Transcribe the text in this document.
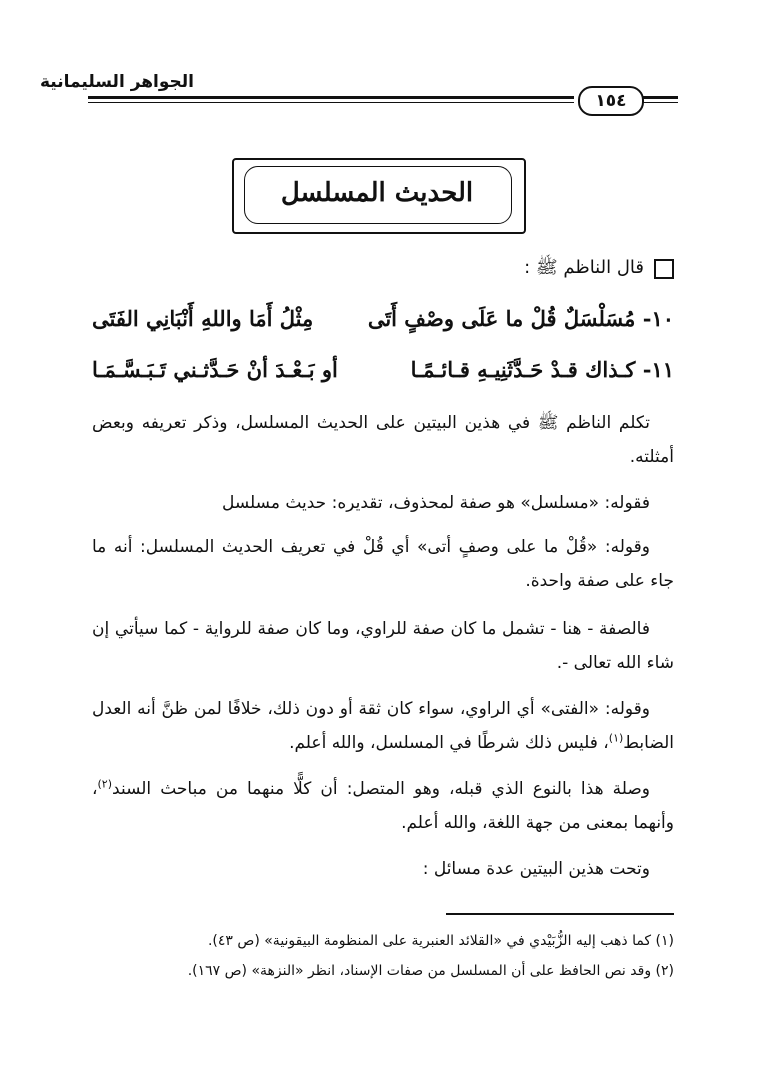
الجواهر السليمانية
١٥٤
الحديث المسلسل
قال الناظم ﷺ :
١٠- مُسَلْسَلٌ قُلْ ما عَلَى وصْفٍ أَتَى
مِثْلُ أَمَا واللهِ أَنْبَانِي الفَتَى
١١- كـذاك قـدْ حَـدَّثَنِيـهِ قـائـمًـا
أو بَـعْـدَ أنْ حَـدَّثـني تَـبَـسَّـمَـا
تكلم الناظم ﷺ في هذين البيتين على الحديث المسلسل، وذكر تعريفه وبعض أمثلته.
فقوله: «مسلسل» هو صفة لمحذوف، تقديره: حديث مسلسل
وقوله: «قُلْ ما على وصفٍ أتى» أي قُلْ في تعريف الحديث المسلسل: أنه ما جاء على صفة واحدة.
فالصفة - هنا - تشمل ما كان صفة للراوي، وما كان صفة للرواية - كما سيأتي إن شاء الله تعالى -.
وقوله: «الفتى» أي الراوي، سواء كان ثقة أو دون ذلك، خلافًا لمن ظنَّ أنه العدل الضابط$^{(١)}$، فليس ذلك شرطًا في المسلسل، والله أعلم.
وصلة هذا بالنوع الذي قبله، وهو المتصل: أن كلًّا منهما من مباحث السند$^{(٢)}$، وأنهما بمعنى من جهة اللغة، والله أعلم.
وتحت هذين البيتين عدة مسائل :
(١) كما ذهب إليه الزُّبَيْدي في «القلائد العنبرية على المنظومة البيقونية» (ص ٤٣).
(٢) وقد نص الحافظ على أن المسلسل من صفات الإسناد، انظر «النزهة» (ص ١٦٧).
